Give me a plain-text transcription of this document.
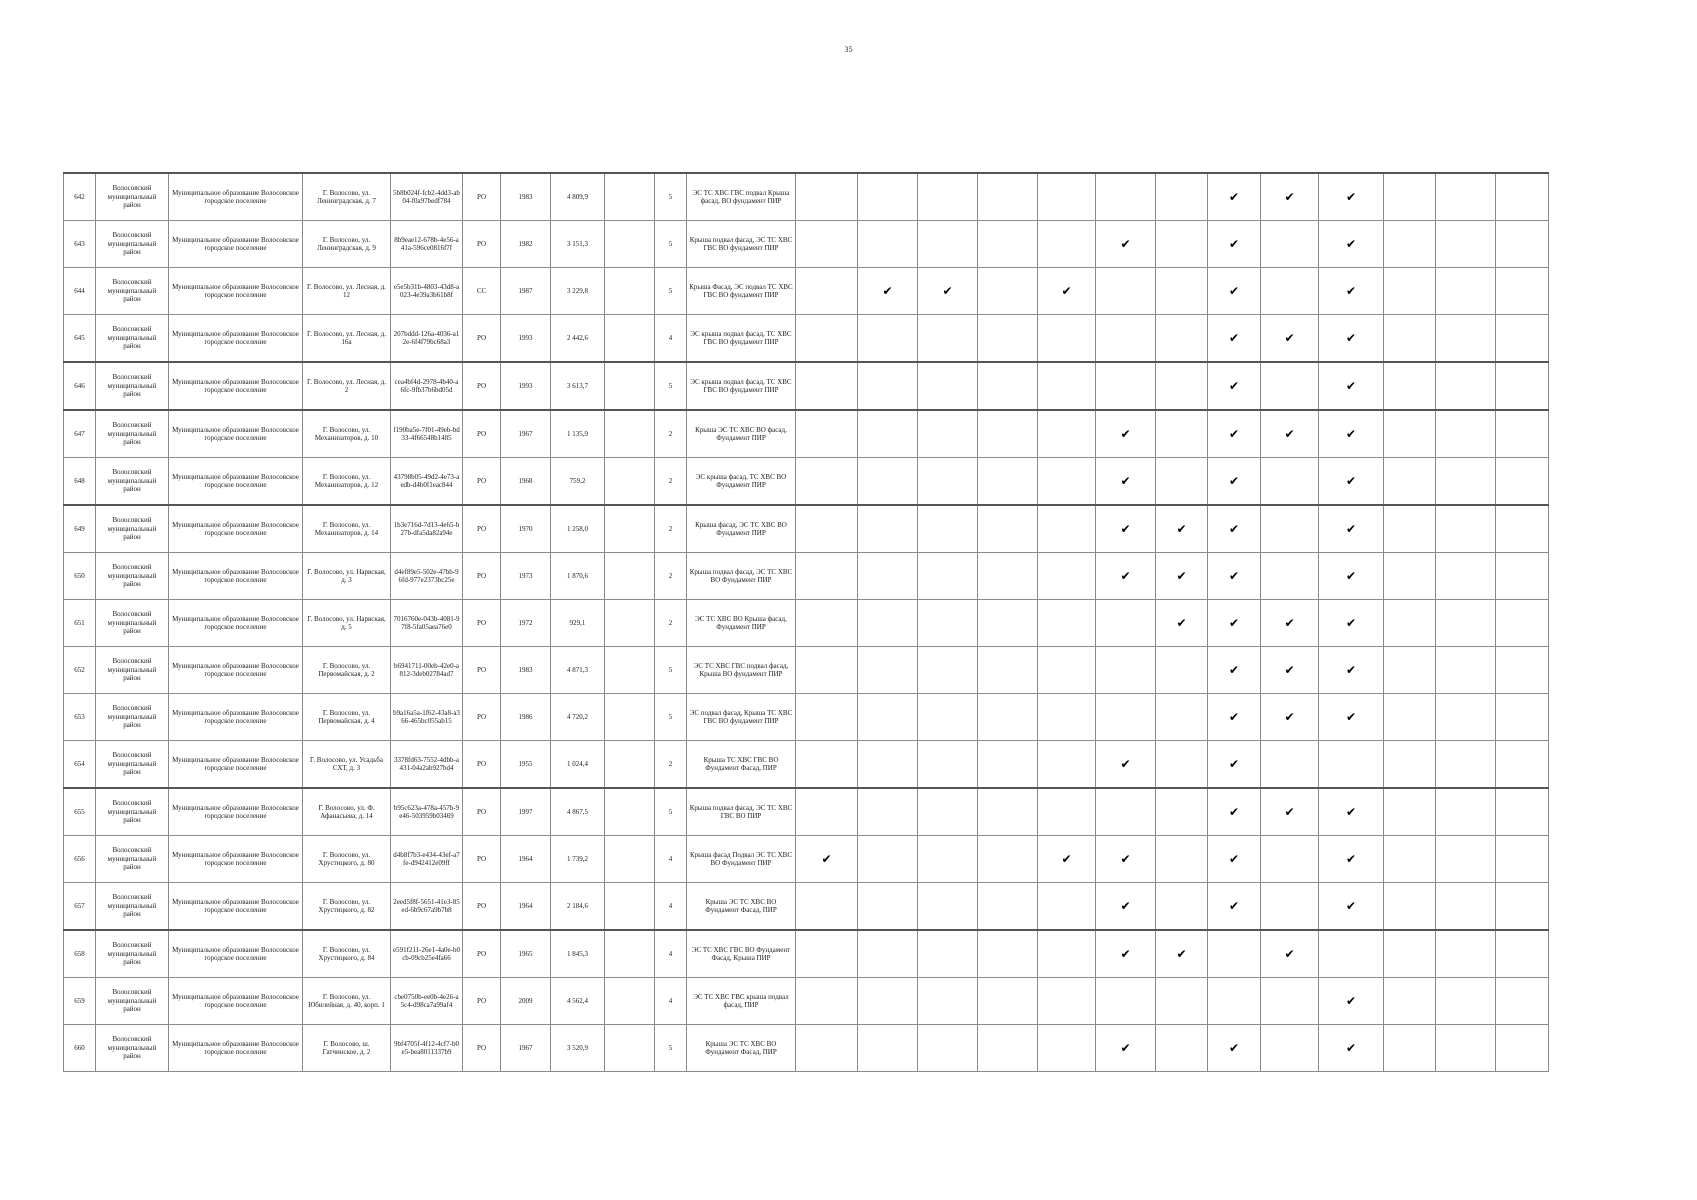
35
642	Волосовский муниципальный район	Муниципальное образование Волосовское городское поселение	Г. Волосово, ул. Ленинградская, д. 7	5b8b024f-fcb2-4dd3-ab04-f0a97bedf784	РО	1983	4 809,9		5	ЭС ТС ХВС ГВС подвал Крыша фасад, ВО фундамент ПИР								✔	✔	✔			
643	Волосовский муниципальный район	Муниципальное образование Волосовское городское поселение	Г. Волосово, ул. Ленинградская, д. 9	8b9eae12-678b-4e56-a41a-596ce0816f7f	РО	1982	3 151,3		5	Крыша подвал фасад, ЭС ТС ХВС ГВС ВО фундамент ПИР						✔		✔		✔			
644	Волосовский муниципальный район	Муниципальное образование Волосовское городское поселение	Г. Волосово, ул. Лесная, д. 12	e5e5b31b-4803-43d8-a023-4e39a3b61b8f	СС	1987	3 229,8		5	Крыша Фасад, ЭС подвал ТС ХВС ГВС ВО фундамент ПИР		✔	✔		✔			✔		✔			
645	Волосовский муниципальный район	Муниципальное образование Волосовское городское поселение	Г. Волосово, ул. Лесная, д. 16а	207bddd-126a-4036-a12e-6f4f79bc68a3	РО	1993	2 442,6		4	ЭС крыша подвал фасад, ТС ХВС ГВС ВО фундамент ПИР								✔	✔	✔			
646	Волосовский муниципальный район	Муниципальное образование Волосовское городское поселение	Г. Волосово, ул. Лесная, д. 2	cea4bf4d-2978-4b40-a6fc-9fb37b6bd05d	РО	1993	3 613,7		5	ЭС крыша подвал фасад, ТС ХВС ГВС ВО фундамент ПИР								✔		✔			
647	Волосовский муниципальный район	Муниципальное образование Волосовское городское поселение	Г. Волосово, ул. Механизаторов, д. 10	f190ba5e-7f01-49eb-bd33-4f66548b1485	РО	1967	1 135,9		2	Крыша ЭС ТС ХВС ВО фасад, Фундамент ПИР						✔		✔	✔	✔			
648	Волосовский муниципальный район	Муниципальное образование Волосовское городское поселение	Г. Волосово, ул. Механизаторов, д. 12	43798b05-49d2-4e73-aedb-d4b0f1eac844	РО	1968	759,2		2	ЭС крыша фасад, ТС ХВС ВО Фундамент ПИР						✔		✔		✔			
649	Волосовский муниципальный район	Муниципальное образование Волосовское городское поселение	Г. Волосово, ул. Механизаторов, д. 14	1b3e716d-7d13-4e65-b27b-dfa5da82a94e	РО	1970	1 258,0		2	Крыша фасад, ЭС ТС ХВС ВО Фундамент ПИР						✔	✔	✔		✔			
650	Волосовский муниципальный район	Муниципальное образование Волосовское городское поселение	Г. Волосово, ул. Нарвская, д. 3	d4ef89e5-502e-47bb-96fd-977e2373bc25e	РО	1973	1 870,6		2	Крыша подвал фасад, ЭС ТС ХВС ВО Фундамент ПИР						✔	✔	✔		✔			
651	Волосовский муниципальный район	Муниципальное образование Волосовское городское поселение	Г. Волосово, ул. Нарвская, д. 5	7016760e-043b-4081-97f8-5fa05aea76e0	РО	1972	929,1		2	ЭС ТС ХВС ВО Крыша фасад, Фундамент ПИР							✔	✔	✔	✔			
652	Волосовский муниципальный район	Муниципальное образование Волосовское городское поселение	Г. Волосово, ул. Первомайская, д. 2	b6941711-00eb-42e0-a812-3deb02784ad7	РО	1983	4 871,3		5	ЭС ТС ХВС ГВС подвал фасад, Крыша ВО фундамент ПИР								✔	✔	✔			
653	Волосовский муниципальный район	Муниципальное образование Волосовское городское поселение	Г. Волосово, ул. Первомайская, д. 4	b9a16a5a-1f62-43a8-a366-465bc055ab15	РО	1986	4 720,2		5	ЭС подвал фасад, Крыша ТС ХВС ГВС ВО фундамент ПИР								✔	✔	✔			
654	Волосовский муниципальный район	Муниципальное образование Волосовское городское поселение	Г. Волосово, ул. Усадьба СХТ, д. 3	3378fd63-7552-4dbb-a431-04a2ab927bd4	РО	1955	1 024,4		2	Крыша ТС ХВС ГВС ВО Фундамент Фасад, ПИР						✔		✔					
655	Волосовский муниципальный район	Муниципальное образование Волосовское городское поселение	Г. Волосово, ул. Ф. Афанасьева, д. 14	b95c623a-478a-457b-9e46-503959b03469	РО	1997	4 867,5		5	Крыша подвал фасад, ЭС ТС ХВС ГВС ВО ПИР								✔	✔	✔			
656	Волосовский муниципальный район	Муниципальное образование Волосовское городское поселение	Г. Волосово, ул. Хрустицкого, д. 80	d4b8f7b3-e434-43ef-a7fe-d942412e09ff	РО	1964	1 739,2		4	Крыша фасад Подвал ЭС ТС ХВС ВО Фундамент ПИР	✔				✔	✔		✔		✔			
657	Волосовский муниципальный район	Муниципальное образование Волосовское городское поселение	Г. Волосово, ул. Хрустицкого, д. 82	2eed5f8f-5651-41e3-85ed-6b9c67a9b7b8	РО	1964	2 184,6		4	Крыша ЭС ТС ХВС ВО Фундамент Фасад, ПИР						✔		✔		✔			
658	Волосовский муниципальный район	Муниципальное образование Волосовское городское поселение	Г. Волосово, ул. Хрустицкого, д. 84	e591f211-26e1-4a0e-b0cb-09cb25e4fa66	РО	1965	1 845,3		4	ЭС ТС ХВС ГВС ВО Фундамент Фасад, Крыша ПИР						✔	✔		✔				
659	Волосовский муниципальный район	Муниципальное образование Волосовское городское поселение	Г. Волосово, ул. Юбилейная, д. 40, корп. 1	cbe0750b-ee0b-4e26-a5c4-d98ca7a99af4	РО	2009	4 562,4		4	ЭС ТС ХВС ГВС крыша подвал фасад, ПИР										✔			
660	Волосовский муниципальный район	Муниципальное образование Волосовское городское поселение	Г. Волосово, ш. Гатчинское, д. 2	9bf4705f-4f12-4cf7-b0e5-bea8011337b9	РО	1967	3 520,9		5	Крыша ЭС ТС ХВС ВО Фундамент Фасад, ПИР						✔		✔		✔			
